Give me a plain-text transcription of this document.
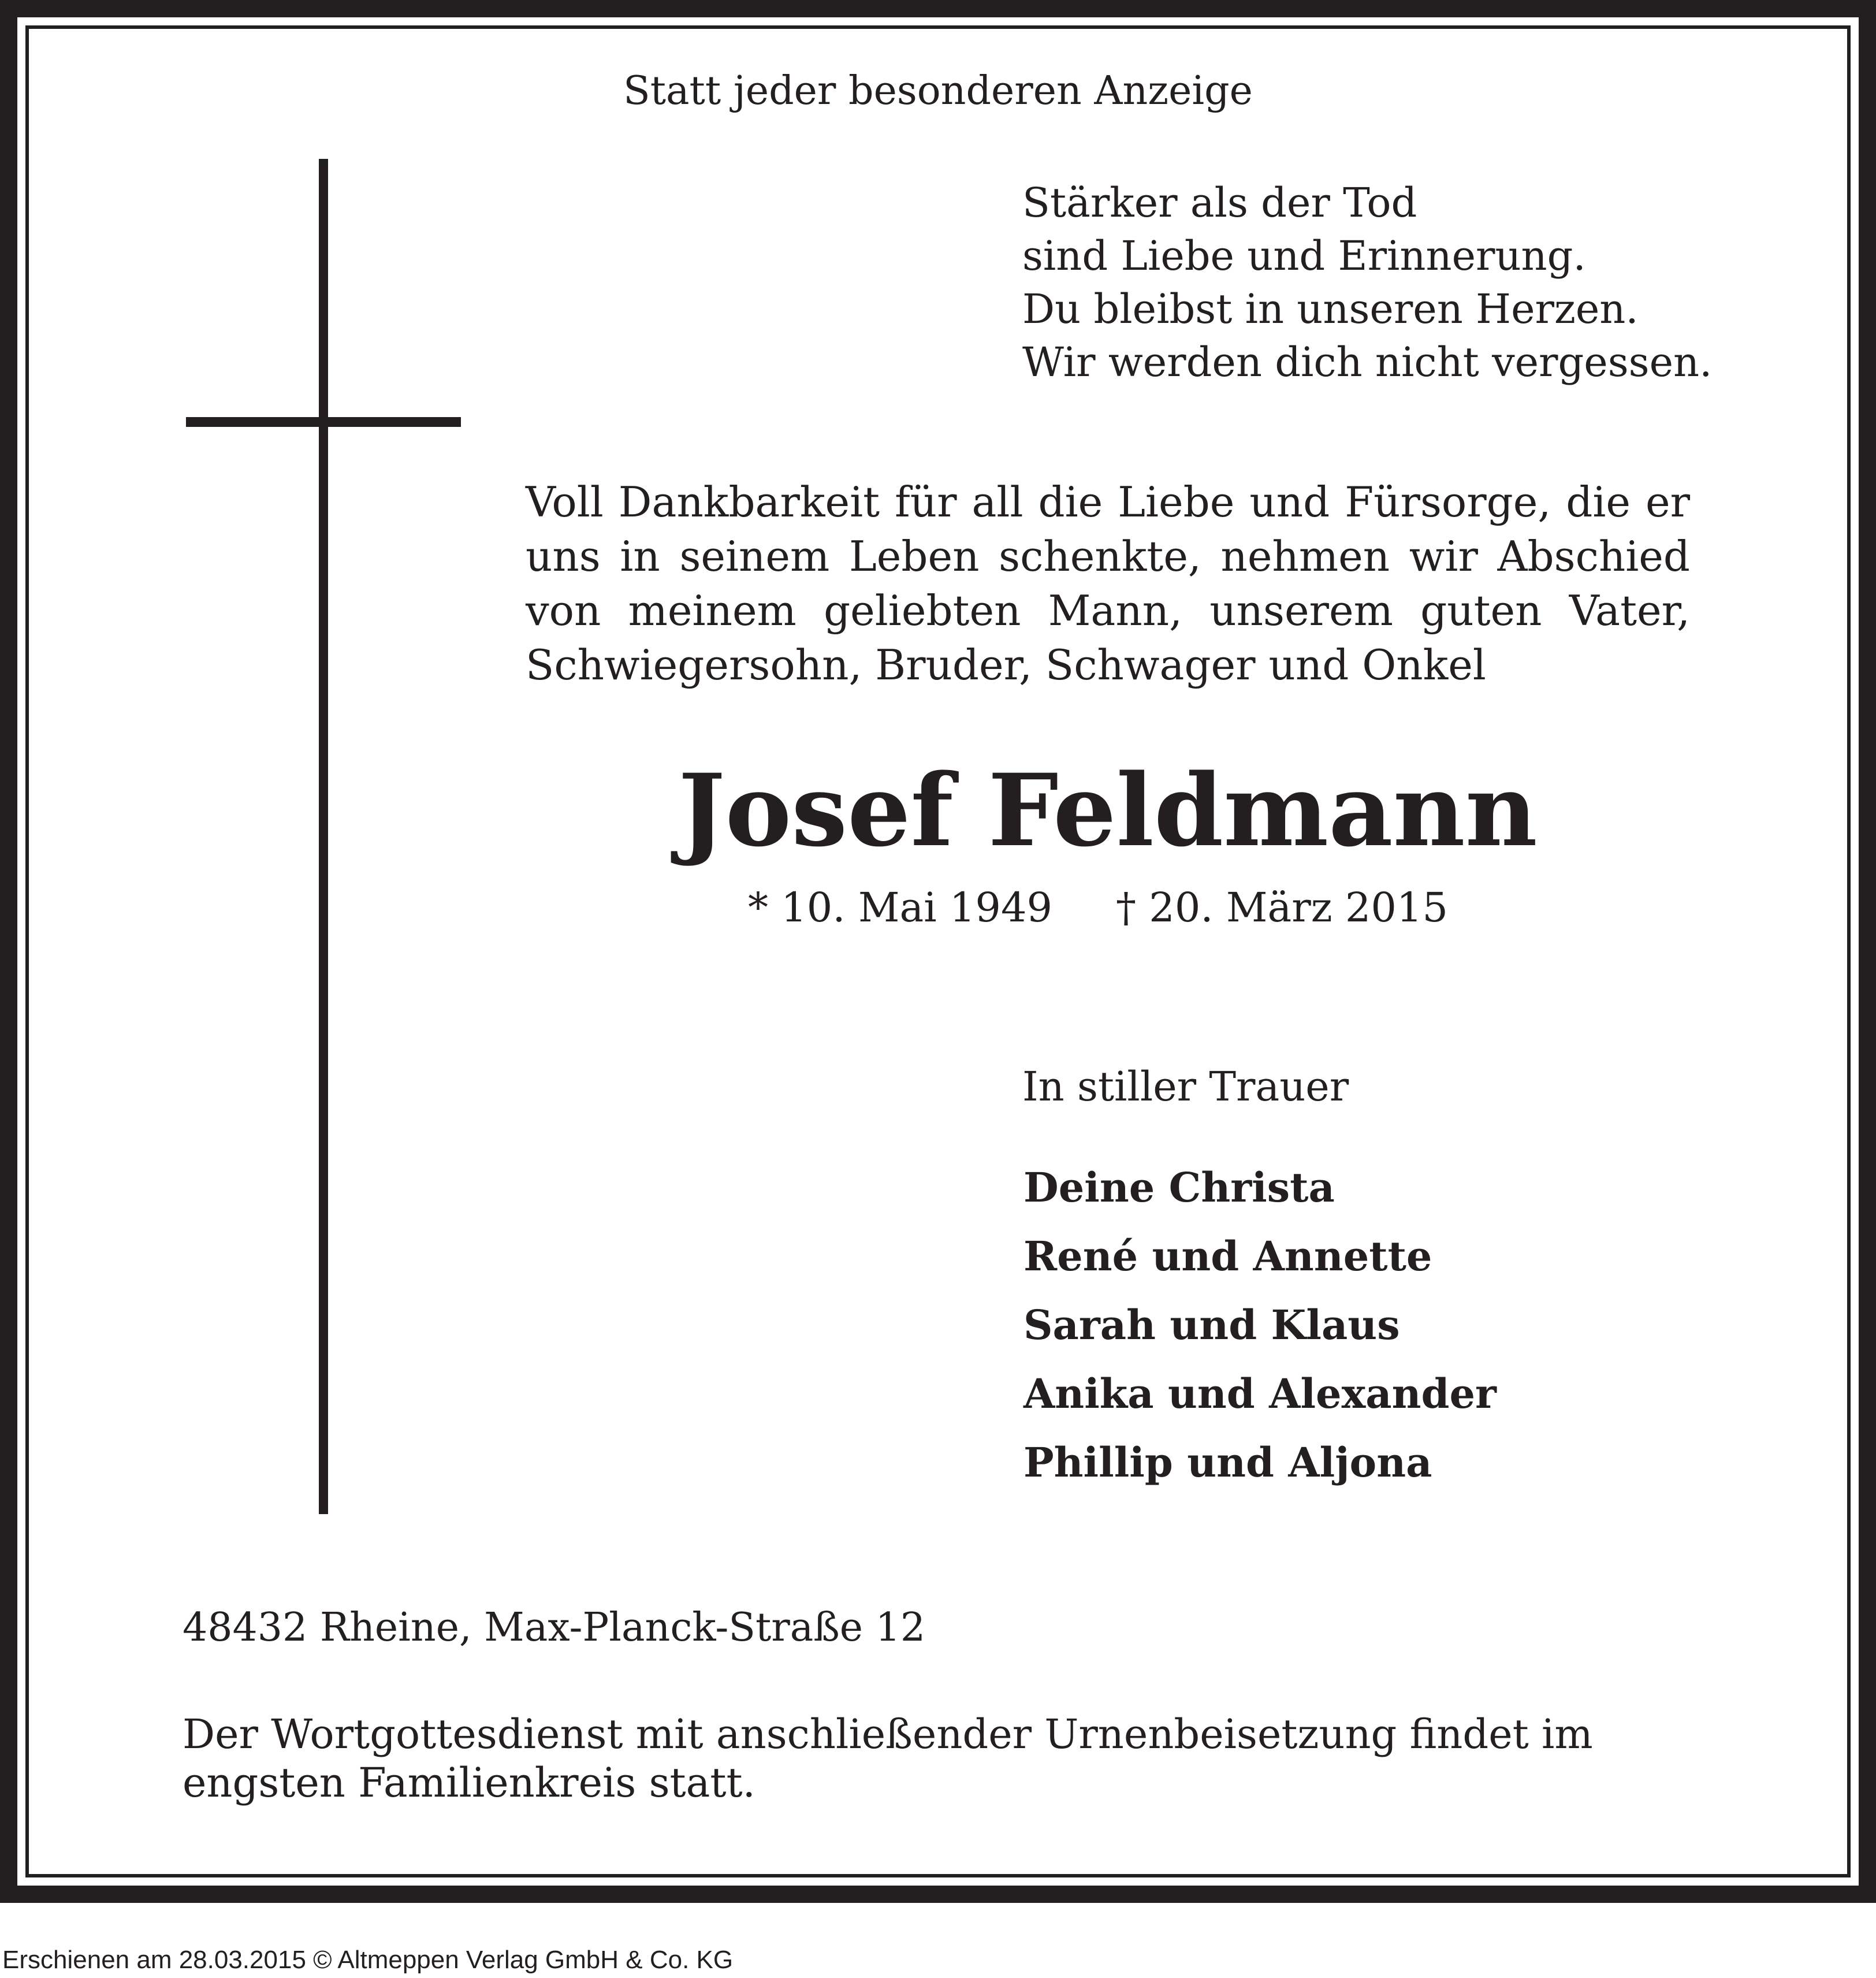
Statt jeder besonderen Anzeige
Stärker als der Tod
sind Liebe und Erinnerung.
Du bleibst in unseren Herzen.
Wir werden dich nicht vergessen.
Voll Dankbarkeit für all die Liebe und Fürsorge, die er
uns in seinem Leben schenkte, nehmen wir Abschied
von meinem geliebten Mann, unserem guten Vater,
Schwiegersohn, Bruder, Schwager und Onkel
Josef Feldmann
* 10. Mai 1949 † 20. März 2015
In stiller Trauer
Deine Christa
René und Annette
Sarah und Klaus
Anika und Alexander
Phillip und Aljona
48432 Rheine, Max-Planck-Straße 12
Der Wortgottesdienst mit anschließender Urnenbeisetzung findet im engsten Familienkreis statt.
Erschienen am 28.03.2015 © Altmeppen Verlag GmbH & Co. KG
